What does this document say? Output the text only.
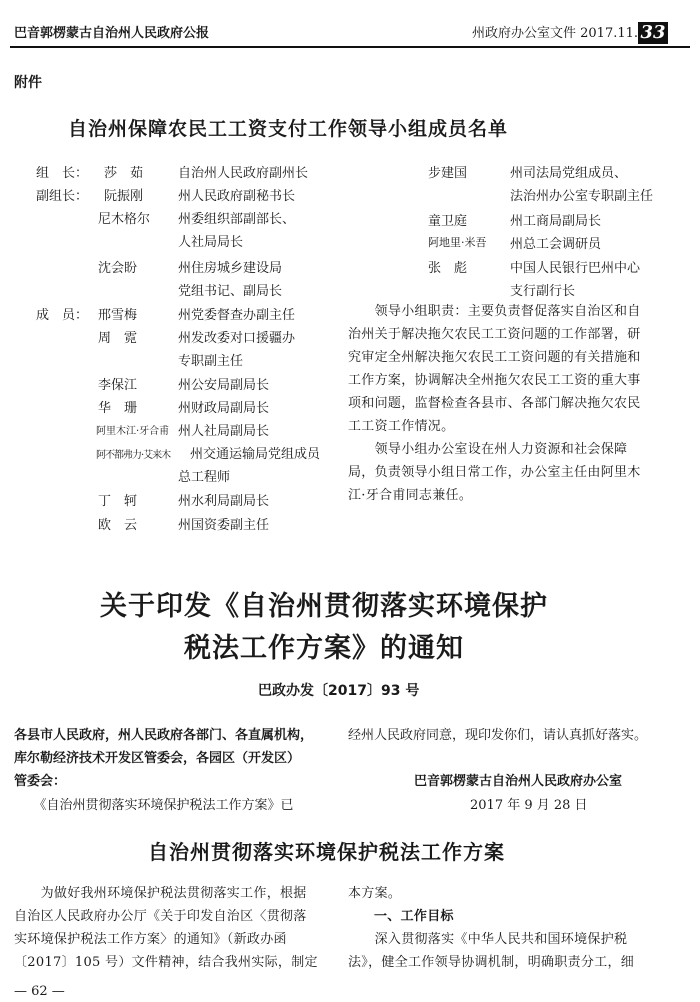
巴音郭楞蒙古自治州人民政府公报	州政府办公室文件 2017.11. 33
附件
自治州保障农民工工资支付工作领导小组成员名单
组　长： 莎　茹	自治州人民政府副州长
副组长： 阮振刚	州人民政府副秘书长
尼木格尔 州委组织部副部长、
人社局局长
沈会盼	州住房城乡建设局
党组书记、副局长
成　员： 邢雪梅	州党委督查办副主任
周　霓	州发改委对口援疆办
专职副主任
李保江	州公安局副局长
华　珊	州财政局副局长
阿里木江·牙合甫 州人社局副局长
阿不都弗力·艾来木 州交通运输局党组成员
总工程师
丁　轲	州水利局副局长
欧　云	州国资委副主任
步建国	州司法局党组成员、
法治州办公室专职副主任
童卫庭	州工商局副局长
阿地里·米吾 州总工会调研员
张　彪	中国人民银行巴州中心
支行副行长
　　领导小组职责：主要负责督促落实自治区和自
治州关于解决拖欠农民工工资问题的工作部署，研
究审定全州解决拖欠农民工工资问题的有关措施和
工作方案，协调解决全州拖欠农民工工资的重大事
项和问题，监督检查各县市、各部门解决拖欠农民
工工资工作情况。
　　领导小组办公室设在州人力资源和社会保障
局，负责领导小组日常工作，办公室主任由阿里木
江·牙合甫同志兼任。
关于印发《自治州贯彻落实环境保护
税法工作方案》的通知
巴政办发〔2017〕93 号
各县市人民政府，州人民政府各部门、各直属机构，
库尔勒经济技术开发区管委会，各园区（开发区）
管委会：
　　《自治州贯彻落实环境保护税法工作方案》已
经州人民政府同意，现印发你们，请认真抓好落实。
巴音郭楞蒙古自治州人民政府办公室
2017 年 9 月 28 日
自治州贯彻落实环境保护税法工作方案
　　为做好我州环境保护税法贯彻落实工作，根据
自治区人民政府办公厅《关于印发自治区〈贯彻落
实环境保护税法工作方案〉的通知》（新政办函
〔2017〕105 号）文件精神，结合我州实际，制定
本方案。
一、工作目标
　　深入贯彻落实《中华人民共和国环境保护税
法》，健全工作领导协调机制，明确职责分工，细
— 62 —
